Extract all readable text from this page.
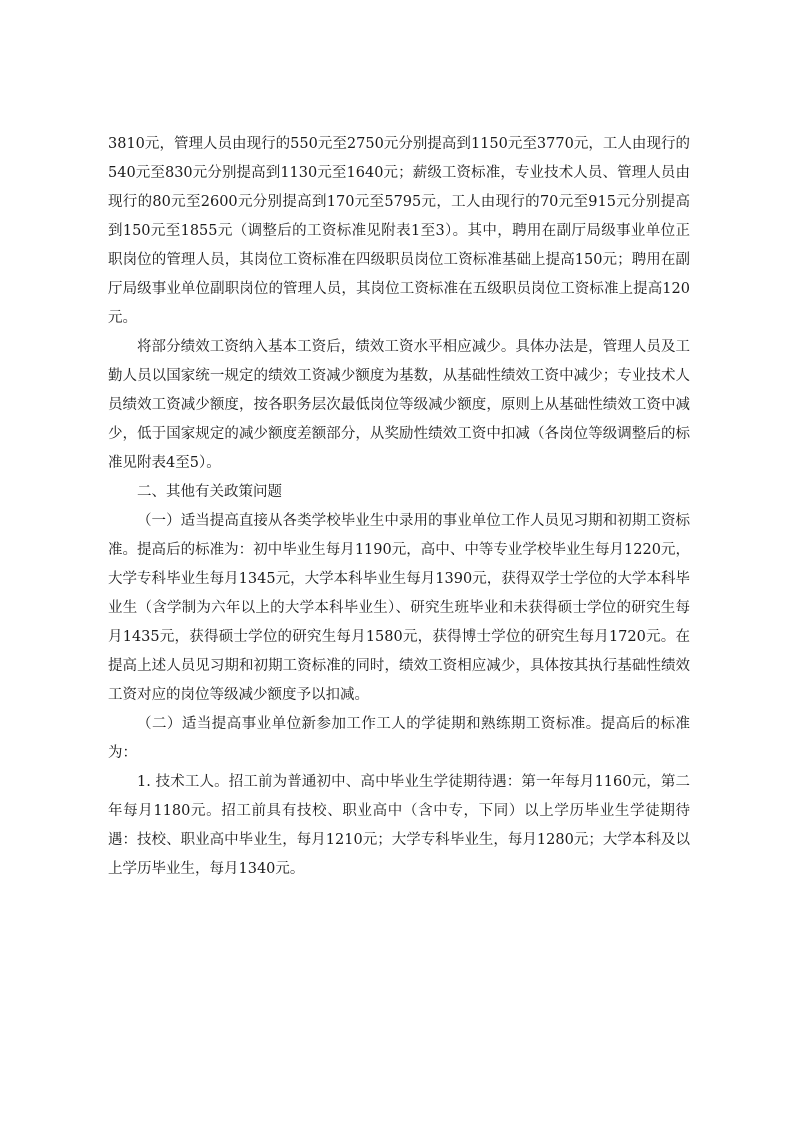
3810元，管理人员由现行的550元至2750元分别提高到1150元至3770元，工人由现行的540元至830元分别提高到1130元至1640元；薪级工资标准，专业技术人员、管理人员由现行的80元至2600元分别提高到170元至5795元，工人由现行的70元至915元分别提高到150元至1855元（调整后的工资标准见附表1至3）。其中，聘用在副厅局级事业单位正职岗位的管理人员，其岗位工资标准在四级职员岗位工资标准基础上提高150元；聘用在副厅局级事业单位副职岗位的管理人员，其岗位工资标准在五级职员岗位工资标准上提高120元。

将部分绩效工资纳入基本工资后，绩效工资水平相应减少。具体办法是，管理人员及工勤人员以国家统一规定的绩效工资减少额度为基数，从基础性绩效工资中减少；专业技术人员绩效工资减少额度，按各职务层次最低岗位等级减少额度，原则上从基础性绩效工资中减少，低于国家规定的减少额度差额部分，从奖励性绩效工资中扣减（各岗位等级调整后的标准见附表4至5）。

二、其他有关政策问题

（一）适当提高直接从各类学校毕业生中录用的事业单位工作人员见习期和初期工资标准。提高后的标准为：初中毕业生每月1190元，高中、中等专业学校毕业生每月1220元，大学专科毕业生每月1345元，大学本科毕业生每月1390元，获得双学士学位的大学本科毕业生（含学制为六年以上的大学本科毕业生）、研究生班毕业和未获得硕士学位的研究生每月1435元，获得硕士学位的研究生每月1580元，获得博士学位的研究生每月1720元。在提高上述人员见习期和初期工资标准的同时，绩效工资相应减少，具体按其执行基础性绩效工资对应的岗位等级减少额度予以扣减。

（二）适当提高事业单位新参加工作工人的学徒期和熟练期工资标准。提高后的标准为：

1. 技术工人。招工前为普通初中、高中毕业生学徒期待遇：第一年每月1160元，第二年每月1180元。招工前具有技校、职业高中（含中专，下同）以上学历毕业生学徒期待遇：技校、职业高中毕业生，每月1210元；大学专科毕业生，每月1280元；大学本科及以上学历毕业生，每月1340元。
